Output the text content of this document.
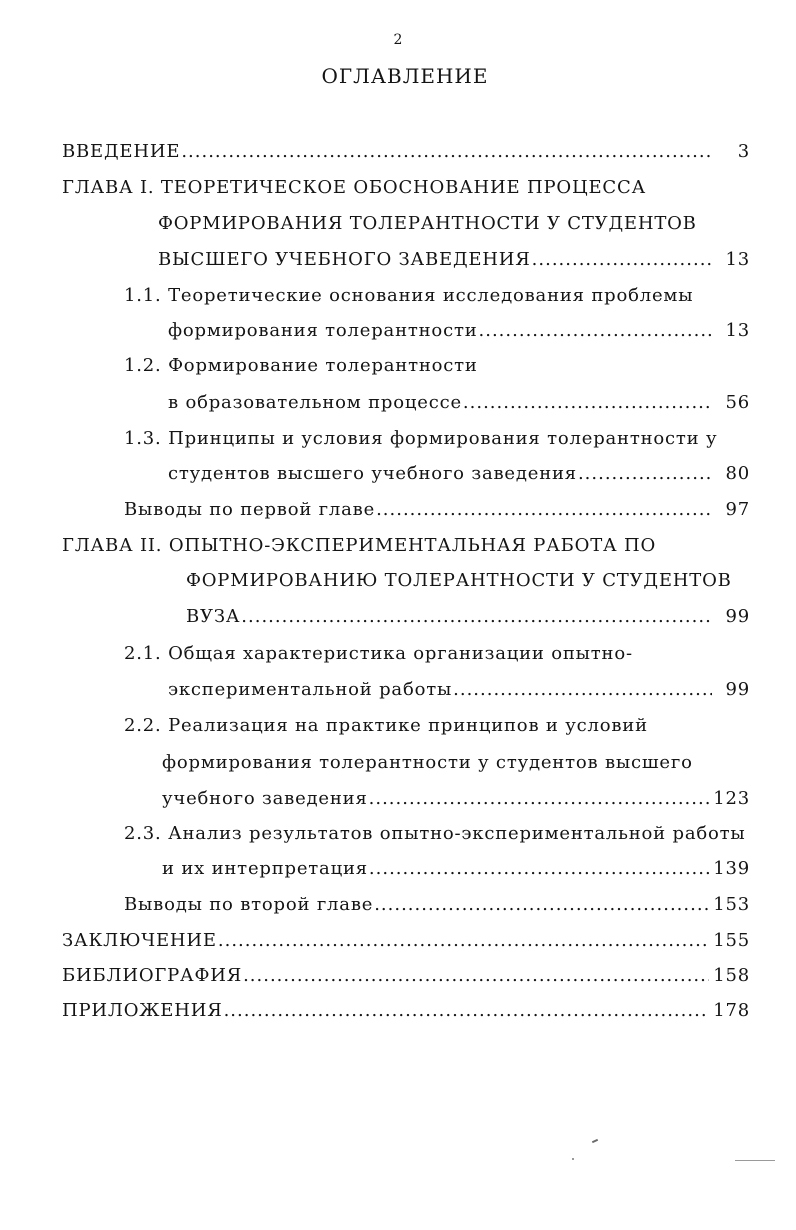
2
ОГЛАВЛЕНИЕ
ВВЕДЕНИЕ .....	3
ГЛАВА I. ТЕОРЕТИЧЕСКОЕ ОБОСНОВАНИЕ ПРОЦЕССА
ФОРМИРОВАНИЯ ТОЛЕРАНТНОСТИ У СТУДЕНТОВ
ВЫСШЕГО УЧЕБНОГО ЗАВЕДЕНИЯ .....	13
1.1. Теоретические основания исследования проблемы
формирования толерантности .....	13
1.2. Формирование толерантности
в образовательном процессе .....	56
1.3. Принципы и условия формирования толерантности у
студентов высшего учебного заведения .....	80
Выводы по первой главе .....	97
ГЛАВА II. ОПЫТНО-ЭКСПЕРИМЕНТАЛЬНАЯ РАБОТА ПО
ФОРМИРОВАНИЮ ТОЛЕРАНТНОСТИ У СТУДЕНТОВ
ВУЗА .....	99
2.1. Общая характеристика организации опытно-
экспериментальной работы .....	99
2.2. Реализация на практике принципов и условий
формирования толерантности у студентов высшего
учебного заведения .....	123
2.3. Анализ результатов опытно-экспериментальной работы
и их интерпретация .....	139
Выводы по второй главе .....	153
ЗАКЛЮЧЕНИЕ .....	155
БИБЛИОГРАФИЯ .....	158
ПРИЛОЖЕНИЯ .....	178
